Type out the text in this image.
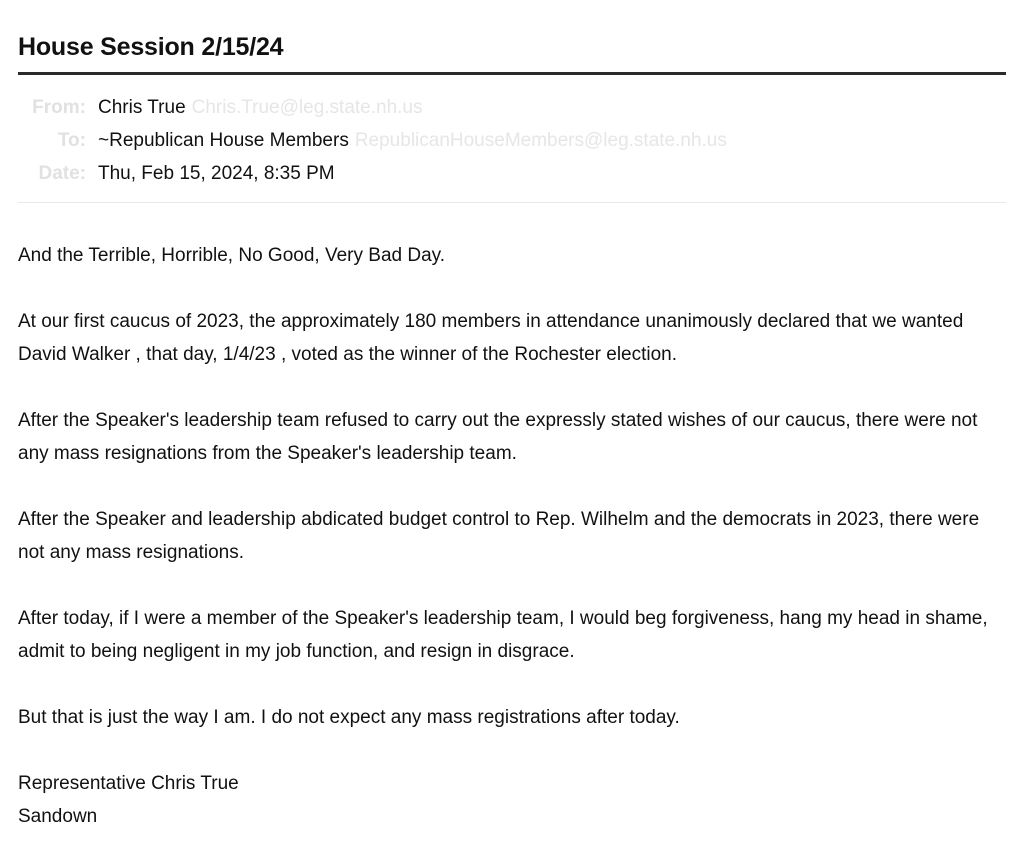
House Session 2/15/24
From: Chris True Chris.True@leg.state.nh.us
To: ~Republican House Members RepublicanHouseMembers@leg.state.nh.us
Date: Thu, Feb 15, 2024, 8:35 PM

And the Terrible, Horrible, No Good, Very Bad Day.

At our first caucus of 2023, the approximately 180 members in attendance unanimously declared that we wanted David Walker , that day, 1/4/23 , voted as the winner of the Rochester election.

After the Speaker's leadership team refused to carry out the expressly stated wishes of our caucus, there were not any mass resignations from the Speaker's leadership team.

After the Speaker and leadership abdicated budget control to Rep. Wilhelm and the democrats in 2023, there were not any mass resignations.

After today, if I were a member of the Speaker's leadership team, I would beg forgiveness, hang my head in shame, admit to being negligent in my job function, and resign in disgrace.

But that is just the way I am. I do not expect any mass registrations after today.

Representative Chris True
Sandown
